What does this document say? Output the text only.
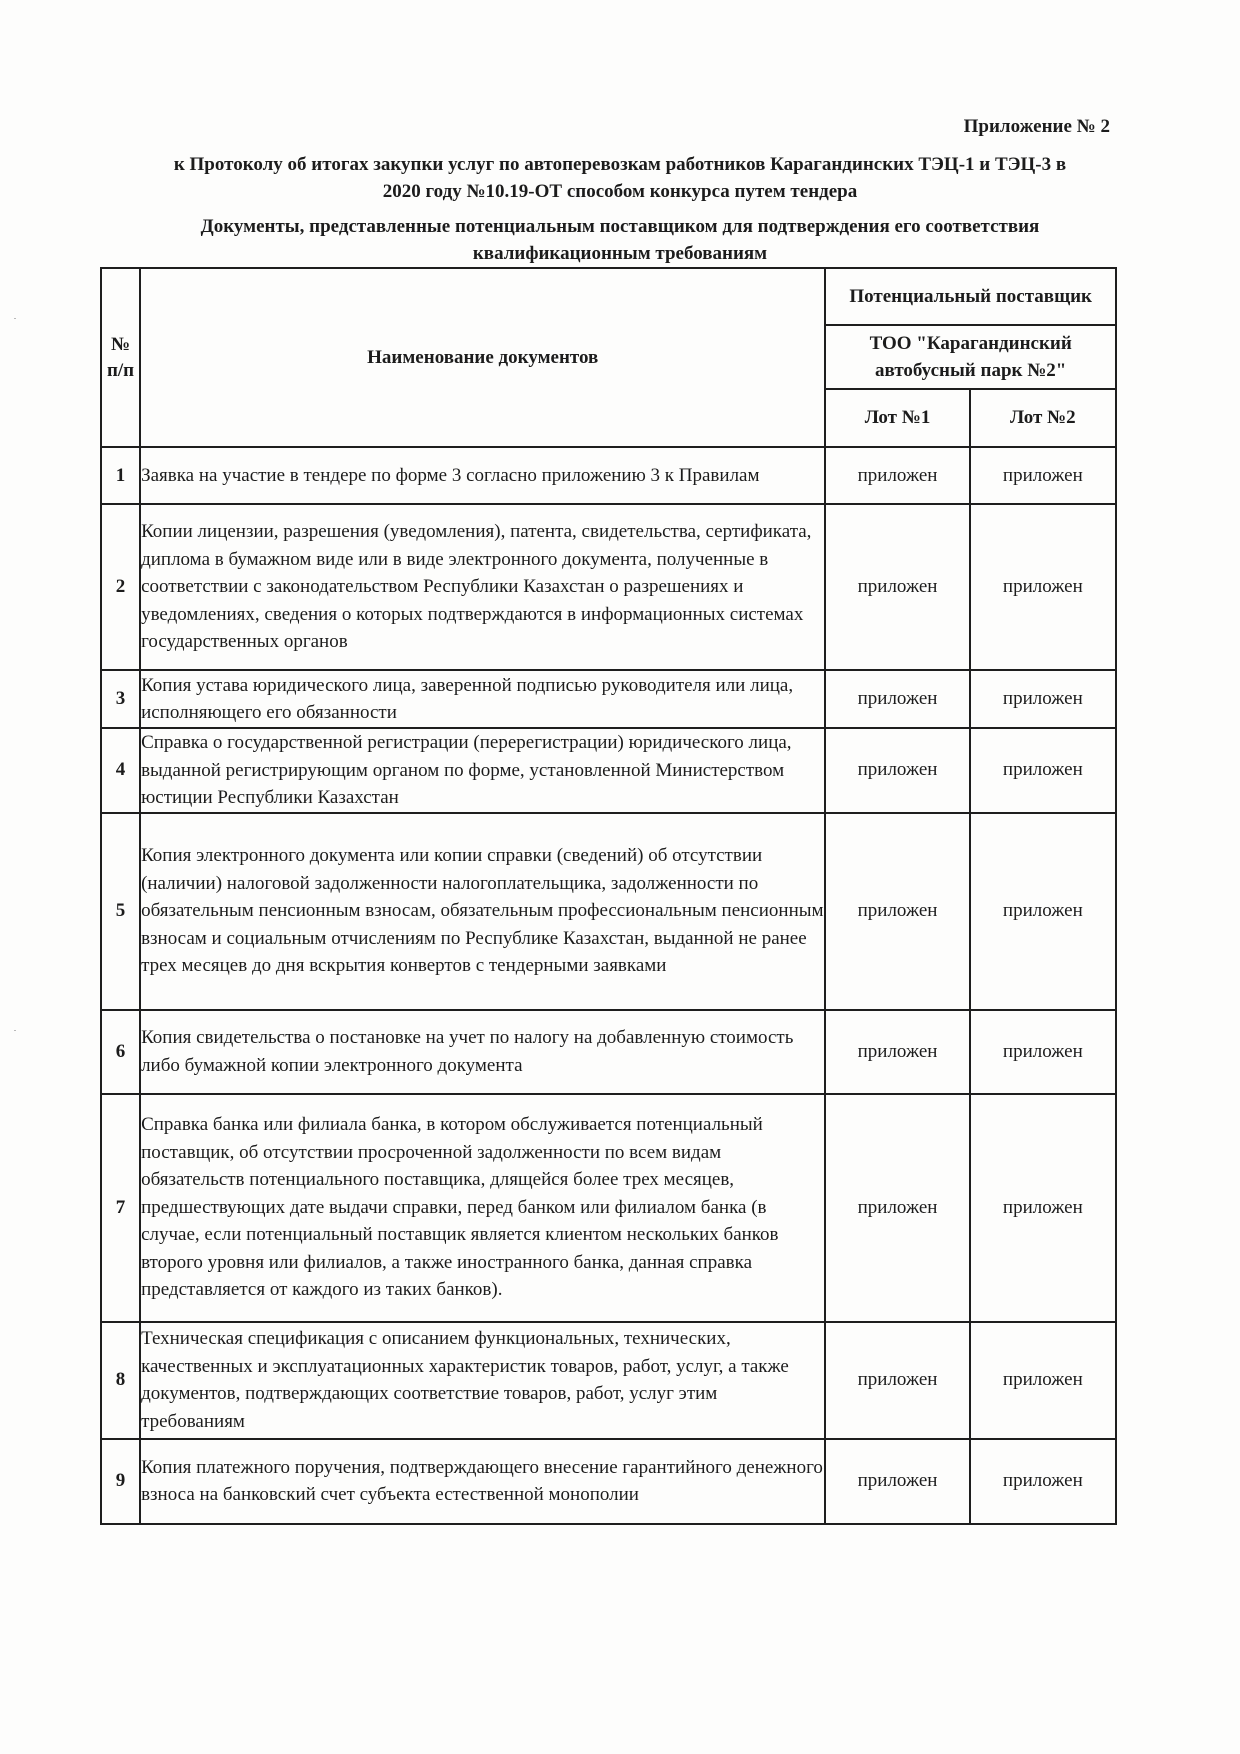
Приложение № 2
к Протоколу об итогах закупки услуг по автоперевозкам работников Карагандинских ТЭЦ-1 и ТЭЦ-3 в
2020 году №10.19-ОТ способом конкурса путем тендера
Документы, представленные потенциальным поставщиком для подтверждения его соответствия
квалификационным требованиям
№
п/п	Наименование документов	Потенциальный поставщик	

		ТОО "Карагандинский
автобусный парк №2"	

		Лот №1	Лот №2
1	Заявка на участие в тендере по форме 3 согласно приложению 3 к Правилам	приложен	приложен
2	Копии лицензии, разрешения (уведомления), патента, свидетельства, сертификата, диплома в бумажном виде или в виде электронного документа, полученные в соответствии с законодательством Республики Казахстан о разрешениях и уведомлениях, сведения о которых подтверждаются в информационных системах государственных органов	приложен	приложен
3	Копия устава юридического лица, заверенной подписью руководителя или лица, исполняющего его обязанности	приложен	приложен
4	Справка о государственной регистрации (перерегистрации) юридического лица, выданной регистрирующим органом по форме, установленной Министерством юстиции Республики Казахстан	приложен	приложен
5	Копия электронного документа или копии справки (сведений) об отсутствии (наличии) налоговой задолженности налогоплательщика, задолженности по обязательным пенсионным взносам, обязательным профессиональным пенсионным взносам и социальным отчислениям по Республике Казахстан, выданной не ранее трех месяцев до дня вскрытия конвертов с тендерными заявками	приложен	приложен
6	Копия свидетельства о постановке на учет по налогу на добавленную стоимость либо бумажной копии электронного документа	приложен	приложен
7	Справка банка или филиала банка, в котором обслуживается потенциальный поставщик, об отсутствии просроченной задолженности по всем видам обязательств потенциального поставщика, длящейся более трех месяцев, предшествующих дате выдачи справки, перед банком или филиалом банка (в случае, если потенциальный поставщик является клиентом нескольких банков второго уровня или филиалов, а также иностранного банка, данная справка представляется от каждого из таких банков).	приложен	приложен
8	Техническая спецификация с описанием функциональных, технических, качественных и эксплуатационных характеристик товаров, работ, услуг, а также документов, подтверждающих соответствие товаров, работ, услуг этим требованиям	приложен	приложен
9	Копия платежного поручения, подтверждающего внесение гарантийного денежного взноса на банковский счет субъекта естественной монополии	приложен	приложен
